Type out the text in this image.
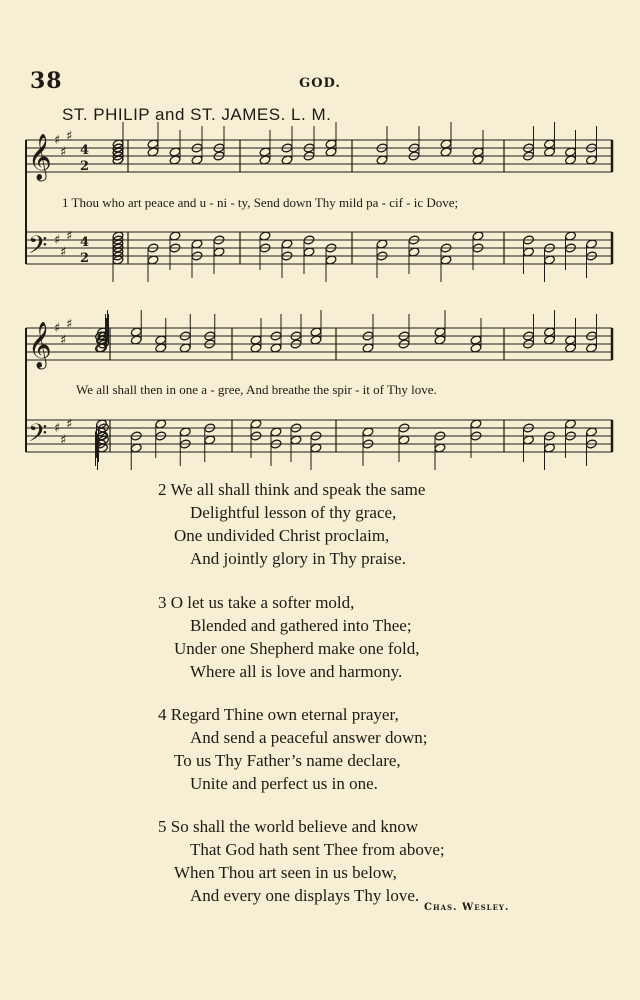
38	GOD.
ST. PHILIP and ST. JAMES. L. M.
𝄞
𝄢
♯
♯
♯
♯
♯
♯
4
2
4
2
𝄞
𝄢
♯
♯
♯
♯
♯
♯
1 Thou who art peace and u - ni - ty, Send down Thy mild pa - cif - ic Dove;
We all shall then in one a - gree, And breathe the spir - it of Thy love.
2 We all shall think and speak the same
Delightful lesson of thy grace,
One undivided Christ proclaim,
And jointly glory in Thy praise.
3 O let us take a softer mold,
Blended and gathered into Thee;
Under one Shepherd make one fold,
Where all is love and harmony.
4 Regard Thine own eternal prayer,
And send a peaceful answer down;
To us Thy Father’s name declare,
Unite and perfect us in one.
5 So shall the world believe and know
That God hath sent Thee from above;
When Thou art seen in us below,
And every one displays Thy love.
Chas. Wesley.
